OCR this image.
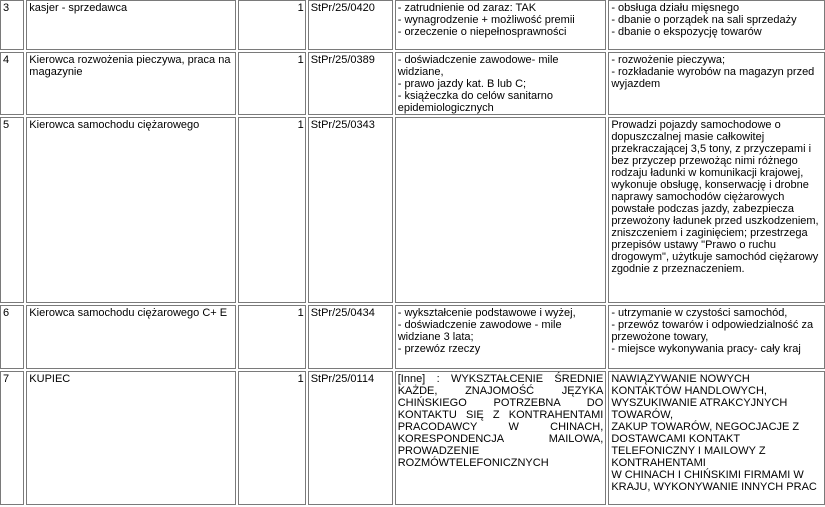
3	kasjer - sprzedawca	1	StPr/25/0420	- zatrudnienie od zaraz: TAK
- wynagrodzenie + możliwość premii
- orzeczenie o niepełnosprawności	- obsługa działu mięsnego
- dbanie o porządek na sali sprzedaży
- dbanie o ekspozycję towarów

4	Kierowca rozwożenia pieczywa, praca na magazynie	1	StPr/25/0389	- doświadczenie zawodowe- mile widziane,
- prawo jazdy kat. B lub C;
- książeczka do celów sanitarno epidemiologicznych	- rozwożenie pieczywa;
- rozkładanie wyrobów na magazyn przed wyjazdem

5	Kierowca samochodu ciężarowego	1	StPr/25/0343		Prowadzi pojazdy samochodowe o dopuszczalnej masie całkowitej przekraczającej 3,5 tony, z przyczepami i bez przyczep przewożąc nimi różnego rodzaju ładunki w komunikacji krajowej, wykonuje obsługę, konserwację i drobne naprawy samochodów ciężarowych powstałe podczas jazdy, zabezpiecza przewożony ładunek przed uszkodzeniem, zniszczeniem i zaginięciem; przestrzega przepisów ustawy "Prawo o ruchu drogowym", użytkuje samochód ciężarowy zgodnie z przeznaczeniem.

6	Kierowca samochodu ciężarowego C+ E	1	StPr/25/0434	- wykształcenie podstawowe i wyżej,
- doświadczenie zawodowe - mile widziane 3 lata;
- przewóz rzeczy	- utrzymanie w czystości samochód,
- przewóz towarów i odpowiedzialność za przewożone towary,
- miejsce wykonywania pracy- cały kraj

7	KUPIEC	1	StPr/25/0114	[Inne] : WYKSZTAŁCENIE ŚREDNIE KAŻDE, ZNAJOMOŚĆ JĘZYKA CHIŃSKIEGO POTRZEBNA DO KONTAKTU SIĘ Z KONTRAHENTAMI PRACODAWCY W CHINACH, KORESPONDENCJA MAILOWA, PROWADZENIE ROZMÓWTELEFONICZNYCH	NAWIĄZYWANIE NOWYCH KONTAKTÓW HANDLOWYCH, WYSZUKIWANIE ATRAKCYJNYCH TOWARÓW,
ZAKUP TOWARÓW, NEGOCJACJE Z DOSTAWCAMI KONTAKT TELEFONICZNY I MAILOWY Z KONTRAHENTAMI
W CHINACH I CHIŃSKIMI FIRMAMI W KRAJU, WYKONYWANIE INNYCH PRAC
